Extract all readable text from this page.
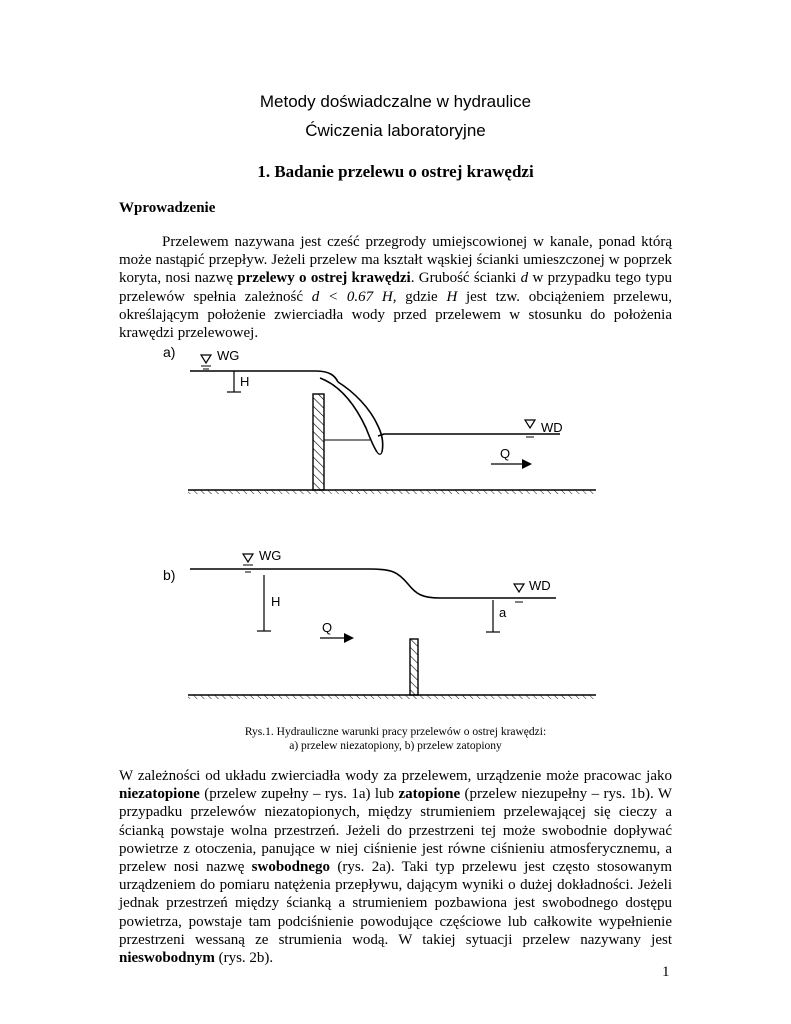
Metody doświadczalne w hydraulice
Ćwiczenia laboratoryjne
1. Badanie przelewu o ostrej krawędzi
Wprowadzenie

Przelewem nazywana jest cześć przegrody umiejscowionej w kanale, ponad którą może nastąpić przepływ. Jeżeli przelew ma kształt wąskiej ścianki umieszczonej w poprzek koryta, nosi nazwę przelewy o ostrej krawędzi. Grubość ścianki d w przypadku tego typu przelewów spełnia zależność d < 0.67 H, gdzie H jest tzw. obciążeniem przelewu, określającym położenie zwierciadła wody przed przelewem w stosunku do położenia krawędzi przelewowej.

a)	WG
H
WD
Q
b)
WG
H
WD
a
Q
Rys.1. Hydrauliczne warunki pracy przelewów o ostrej krawędzi:
a) przelew niezatopiony, b) przelew zatopiony

W zależności od układu zwierciadła wody za przelewem, urządzenie może pracowac jako niezatopione (przelew zupełny – rys. 1a) lub zatopione (przelew niezupełny – rys. 1b). W przypadku przelewów niezatopionych, między strumieniem przelewającej się cieczy a ścianką powstaje wolna przestrzeń. Jeżeli do przestrzeni tej może swobodnie dopływać powietrze z otoczenia, panujące w niej ciśnienie jest równe ciśnieniu atmosferycznemu, a przelew nosi nazwę swobodnego (rys. 2a). Taki typ przelewu jest często stosowanym urządzeniem do pomiaru natężenia przepływu, dającym wyniki o dużej dokładności. Jeżeli jednak przestrzeń między ścianką a strumieniem pozbawiona jest swobodnego dostępu powietrza, powstaje tam podciśnienie powodujące częściowe lub całkowite wypełnienie przestrzeni wessaną ze strumienia wodą. W takiej sytuacji przelew nazywany jest nieswobodnym (rys. 2b).

1
